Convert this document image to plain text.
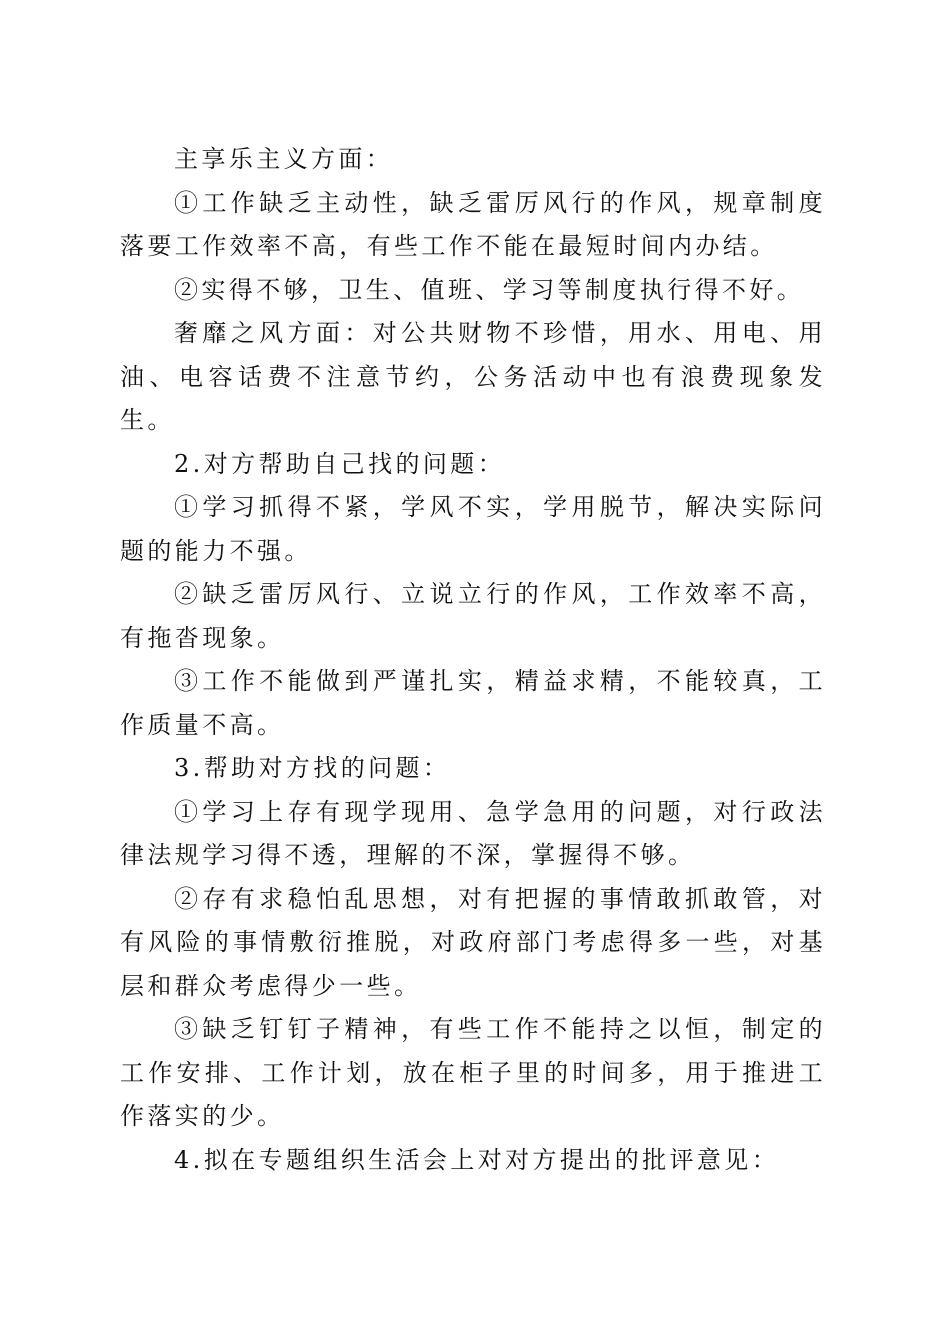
主享乐主义方面：

①工作缺乏主动性，缺乏雷厉风行的作风，规章制度落要工作效率不高，有些工作不能在最短时间内办结。

②实得不够，卫生、值班、学习等制度执行得不好。

奢靡之风方面：对公共财物不珍惜，用水、用电、用油、电容话费不注意节约，公务活动中也有浪费现象发生。

2.对方帮助自己找的问题：

①学习抓得不紧，学风不实，学用脱节，解决实际问题的能力不强。

②缺乏雷厉风行、立说立行的作风，工作效率不高，有拖沓现象。

③工作不能做到严谨扎实，精益求精，不能较真，工作质量不高。

3.帮助对方找的问题：

①学习上存有现学现用、急学急用的问题，对行政法律法规学习得不透，理解的不深，掌握得不够。

②存有求稳怕乱思想，对有把握的事情敢抓敢管，对有风险的事情敷衍推脱，对政府部门考虑得多一些，对基层和群众考虑得少一些。

③缺乏钉钉子精神，有些工作不能持之以恒，制定的工作安排、工作计划，放在柜子里的时间多，用于推进工作落实的少。

4.拟在专题组织生活会上对对方提出的批评意见：
